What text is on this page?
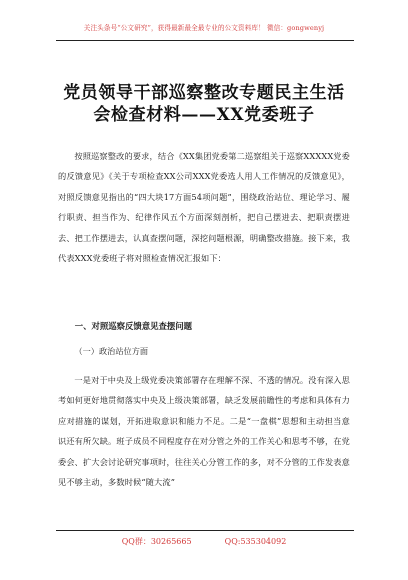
关注头条号“公文研究”，获得最新最全最专业的公文资料库！ 微信：gongwenyj
党员领导干部巡察整改专题民主生活
会检查材料——XX党委班子

按照巡察整改的要求，结合《XX集团党委第二巡察组关于巡察XXXXX党委的反馈意见》《关于专项检查XX公司XXX党委选人用人工作情况的反馈意见》，对照反馈意见指出的“四大块17方面54项问题”，围绕政治站位、理论学习、履行职责、担当作为、纪律作风五个方面深刻剖析，把自己摆进去、把职责摆进去、把工作摆进去，认真查摆问题，深挖问题根源，明确整改措施。接下来，我代表XXX党委班子将对照检查情况汇报如下：

一、对照巡察反馈意见查摆问题
（一）政治站位方面

一是对于中央及上级党委决策部署存在理解不深、不透的情况。没有深入思考如何更好地贯彻落实中央及上级决策部署，缺乏发展前瞻性的考虑和具体有力应对措施的谋划，开拓进取意识和能力不足。二是“一盘棋”思想和主动担当意识还有所欠缺。班子成员不同程度存在对分管之外的工作关心和思考不够，在党委会、扩大会讨论研究事项时，往往关心分管工作的多，对不分管的工作发表意见不够主动，多数时候“随大流”

QQ群：30265665	QQ:535304092
